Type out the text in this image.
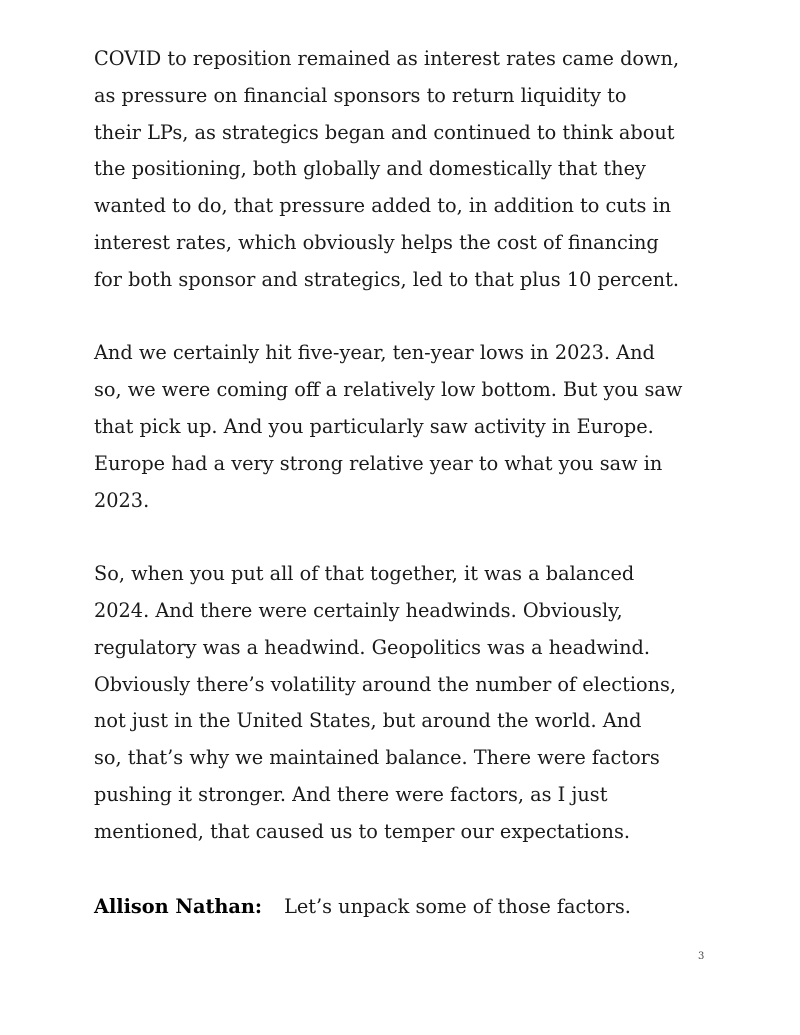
COVID to reposition remained as interest rates came down,
as pressure on financial sponsors to return liquidity to
their LPs, as strategics began and continued to think about
the positioning, both globally and domestically that they
wanted to do, that pressure added to, in addition to cuts in
interest rates, which obviously helps the cost of financing
for both sponsor and strategics, led to that plus 10 percent.

And we certainly hit five-year, ten-year lows in 2023. And
so, we were coming off a relatively low bottom. But you saw
that pick up. And you particularly saw activity in Europe.
Europe had a very strong relative year to what you saw in
2023.

So, when you put all of that together, it was a balanced
2024. And there were certainly headwinds. Obviously,
regulatory was a headwind. Geopolitics was a headwind.
Obviously there’s volatility around the number of elections,
not just in the United States, but around the world. And
so, that’s why we maintained balance. There were factors
pushing it stronger. And there were factors, as I just
mentioned, that caused us to temper our expectations.

Allison Nathan: Let’s unpack some of those factors.
3
